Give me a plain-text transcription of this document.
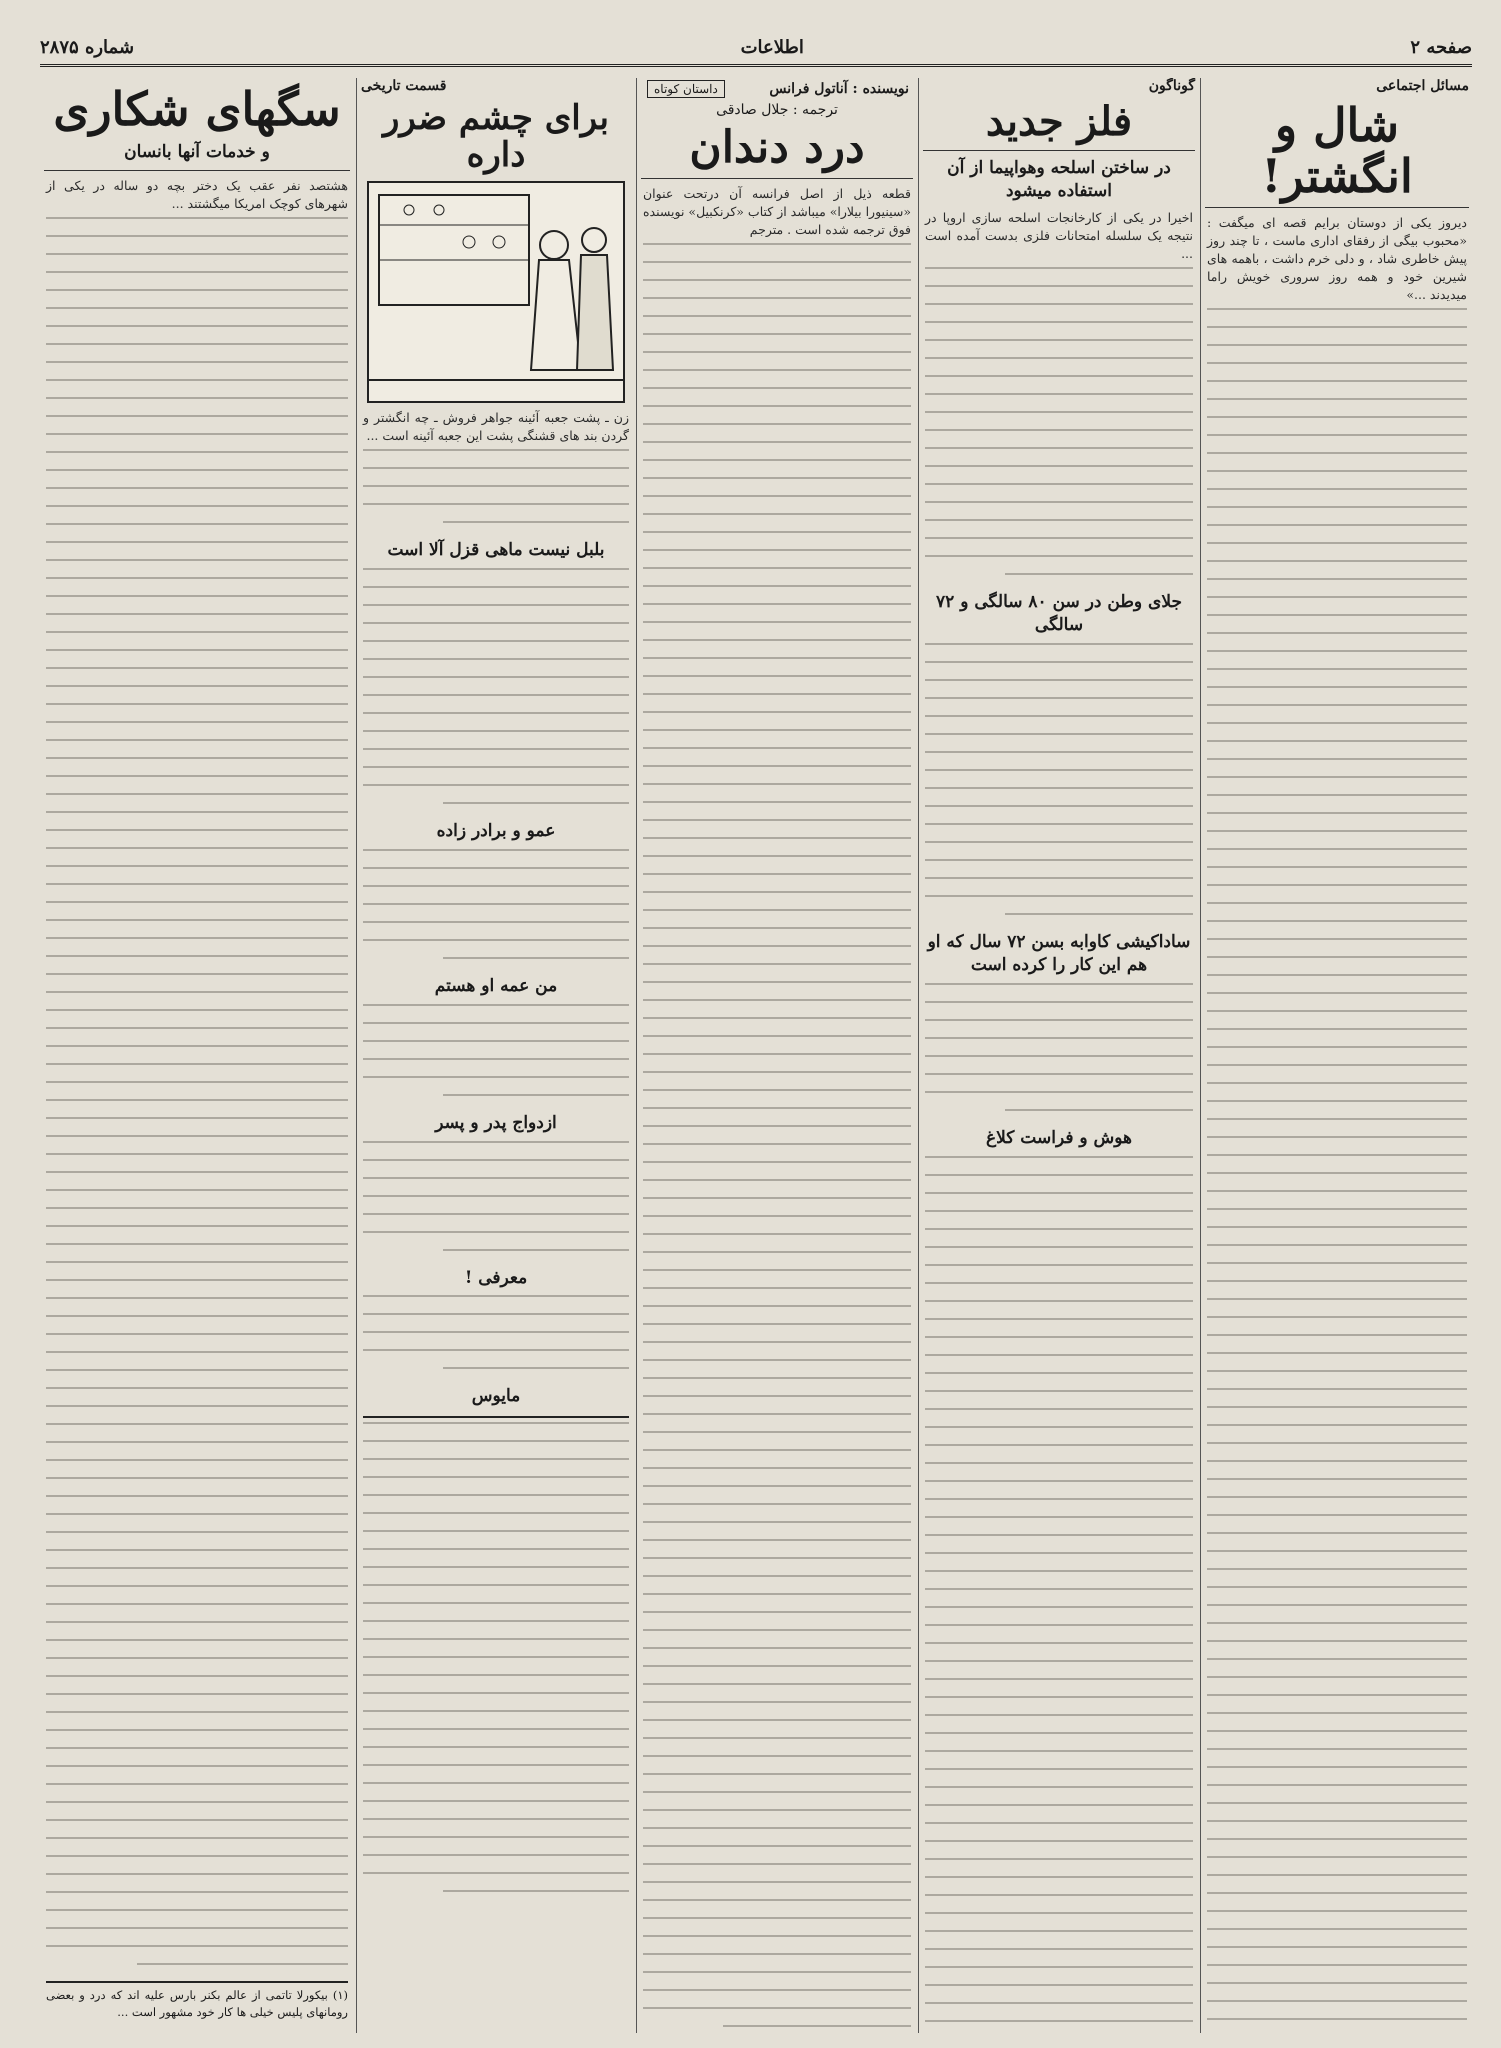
صفحه ۲
اطلاعات
شماره ۲۸۷۵
مسائل اجتماعی
شال و انگشتر!
دیروز یکی از دوستان برایم قصه ای میگفت : «محبوب بیگی از رفقای اداری ماست ، تا چند روز پیش خاطری شاد ، و دلی خرم داشت ، باهمه های شیرین خود و همه روز سروری خویش راما میدیدند ...»
گوناگون
فلز جدید
در ساختن اسلحه وهواپیما از آن استفاده میشود
اخیرا در یکی از کارخانجات اسلحه سازی اروپا در نتیجه یک سلسله امتحانات فلزی بدست آمده است ...
جلای وطن در سن ۸۰ سالگی و ۷۲ سالگی
ساداکیشی کاوابه بسن ۷۲ سال که او هم این کار را کرده است
هوش و فراست کلاغ
نویسنده : آناتول فرانس
داستان کوتاه
ترجمه : جلال صادقی
درد دندان
قطعه ذیل از اصل فرانسه آن درتحت عنوان «سینیورا بیلارا» میباشد از کتاب «کرنکبیل» نویسنده فوق ترجمه شده است . مترجم
قسمت تاریخی
برای چشم ضرر داره
زن ـ پشت جعبه آئینه جواهر فروش ـ چه انگشتر و گردن بند های قشنگی پشت این جعبه آئینه است ...
بلبل نیست ماهی قزل آلا است
عمو و برادر زاده
من عمه او هستم
ازدواج پدر و پسر
معرفی !
مایوس
سگهای شکاری
و خدمات آنها بانسان
هشتصد نفر عقب یک دختر بچه دو ساله در یکی از شهرهای کوچک امریکا میگشتند ...
(۱) بیکورلا تاتمی از عالم بکنر بارس علیه اند که درد و بعضی رومانهای پلیس خیلی ها کار خود مشهور است ...
